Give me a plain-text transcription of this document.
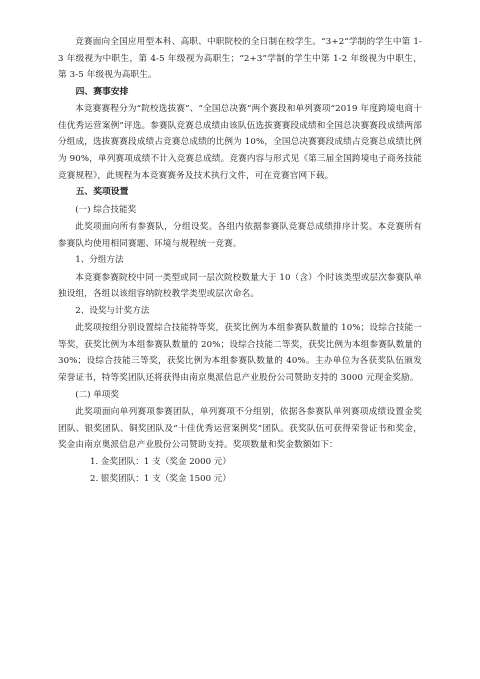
竞赛面向全国应用型本科、高职、中职院校的全日制在校学生。“3+2”学制的学生中第 1-3 年级视为中职生，第 4-5 年级视为高职生；“2+3”学制的学生中第 1-2 年级视为中职生，第 3-5 年级视为高职生。

四、赛事安排

本竞赛赛程分为“院校选拔赛”、“全国总决赛”两个赛段和单列赛项“2019 年度跨境电商十佳优秀运营案例”评选。参赛队竞赛总成绩由该队伍选拔赛赛段成绩和全国总决赛赛段成绩两部分组成，选拔赛赛段成绩占竞赛总成绩的比例为 10%，全国总决赛赛段成绩占竞赛总成绩比例为 90%，单列赛项成绩不计入竞赛总成绩。竞赛内容与形式见《第三届全国跨境电子商务技能竞赛规程》，此规程为本竞赛赛务及技术执行文件，可在竞赛官网下载。

五、奖项设置

(一) 综合技能奖

此奖项面向所有参赛队，分组设奖。各组内依据参赛队竞赛总成绩排序计奖。本竞赛所有参赛队均使用相同赛题、环境与规程统一竞赛。

1、分组方法

本竞赛参赛院校中同一类型或同一层次院校数量大于 10（含）个时该类型或层次参赛队单独设组，各组以该组容纳院校教学类型或层次命名。

2、设奖与计奖方法

此奖项按组分别设置综合技能特等奖，获奖比例为本组参赛队数量的 10%；设综合技能一等奖，获奖比例为本组参赛队数量的 20%；设综合技能二等奖，获奖比例为本组参赛队数量的 30%；设综合技能三等奖，获奖比例为本组参赛队数量的 40%。主办单位为各获奖队伍颁发荣誉证书，特等奖团队还将获得由南京奥派信息产业股份公司赞助支持的 3000 元现金奖励。

(二) 单项奖

此奖项面向单列赛项参赛团队，单列赛项不分组别，依据各参赛队单列赛项成绩设置金奖团队、银奖团队、铜奖团队及“十佳优秀运营案例奖”团队。获奖队伍可获得荣誉证书和奖金，奖金由南京奥派信息产业股份公司赞助支持。奖项数量和奖金数额如下：

1. 金奖团队：1 支（奖金 2000 元）

2. 银奖团队：1 支（奖金 1500 元）
